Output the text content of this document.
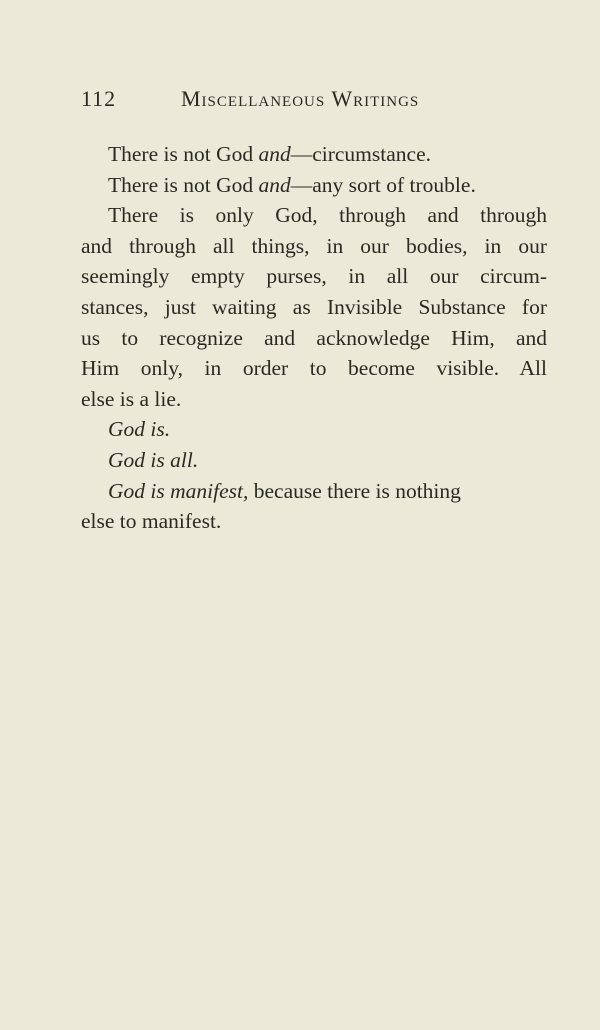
112	Miscellaneous Writings
There is not God and—circumstance.
There is not God and—any sort of trouble.
There is only God, through and through
and through all things, in our bodies, in our
seemingly empty purses, in all our circum-
stances, just waiting as Invisible Substance for
us to recognize and acknowledge Him, and
Him only, in order to become visible. All
else is a lie.
God is.
God is all.
God is manifest, because there is nothing
else to manifest.
